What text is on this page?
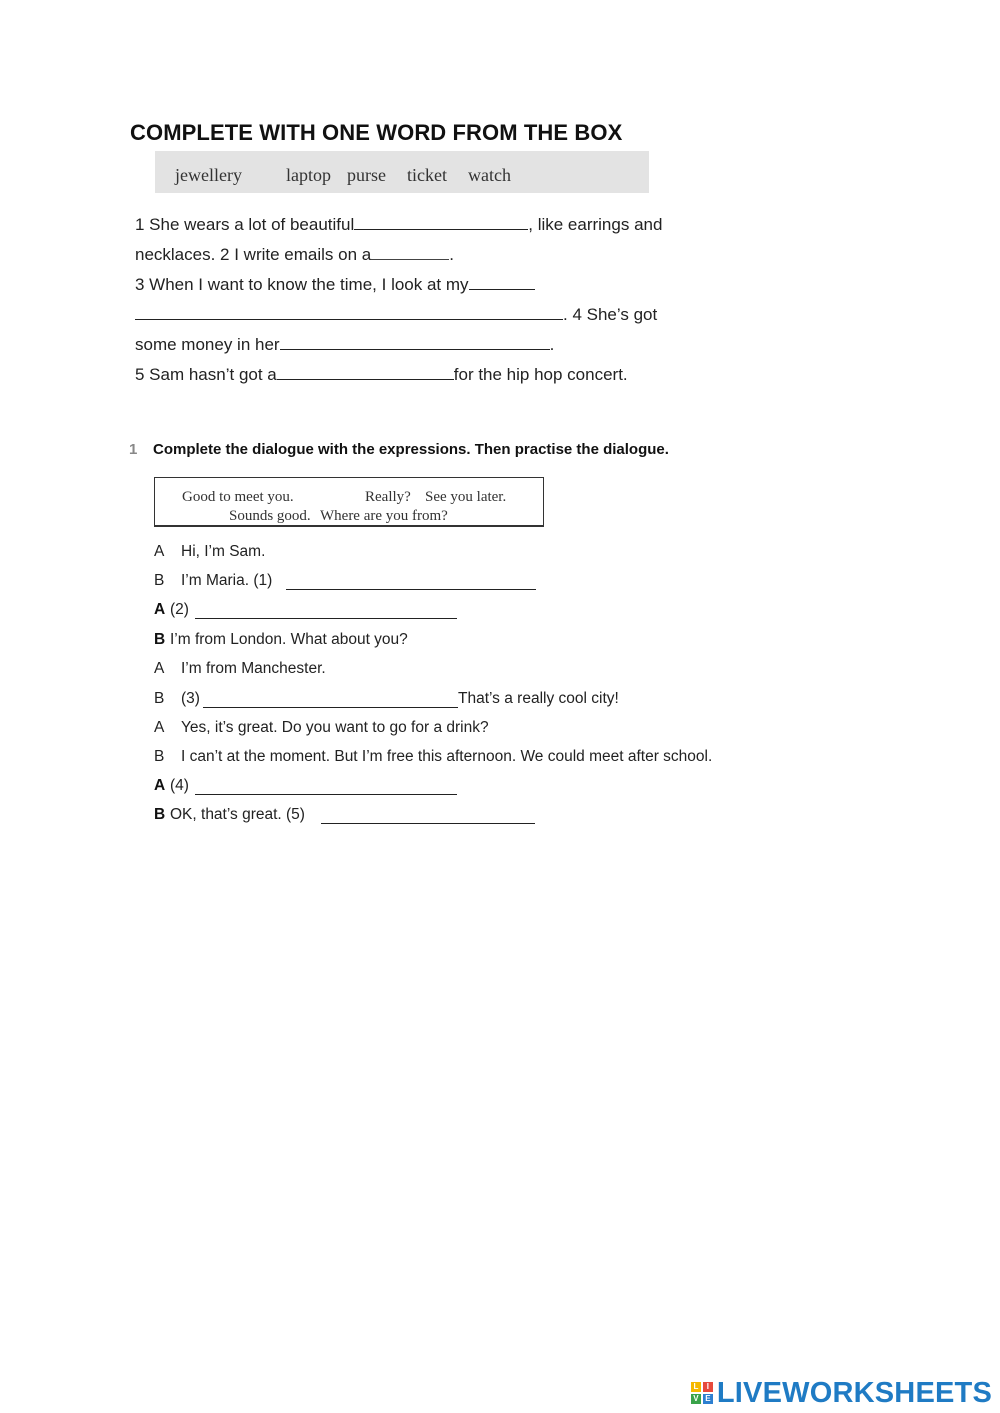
COMPLETE WITH ONE WORD FROM THE BOX
jewellery laptop purse ticket watch
1 She wears a lot of beautiful	, like earrings and
necklaces. 2 I write emails on a	.
3 When I want to know the time, I look at my
. 4 She’s got
some money in her	.
5 Sam hasn’t got a	for the hip hop concert.
1 Complete the dialogue with the expressions. Then practise the dialogue.
Good to meet you.	Really? See you later.
Sounds good. Where are you from?
A Hi, I’m Sam.
B I’m Maria. (1)
A (2)
B I’m from London. What about you?
A I’m from Manchester.
B (3)	That’s a really cool city!
A Yes, it’s great. Do you want to go for a drink?
B I can’t at the moment. But I’m free this afternoon. We could meet after school.
A (4)
B OK, that’s great. (5)
L	I
V E LIVEWORKSHEETS
